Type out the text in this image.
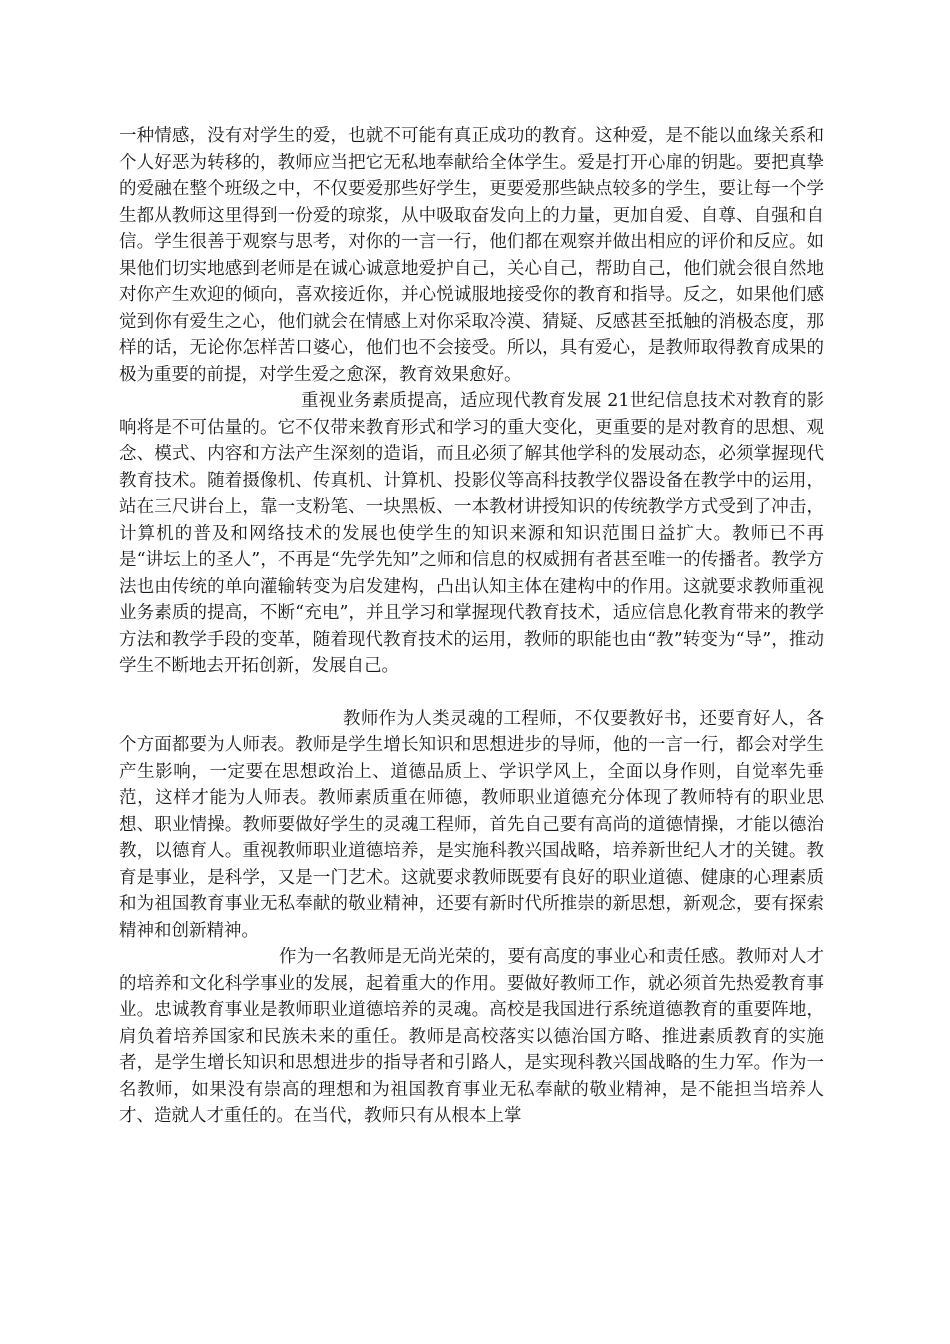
一种情感，没有对学生的爱，也就不可能有真正成功的教育。这种爱，是不能以血缘关系和个人好恶为转移的，教师应当把它无私地奉献给全体学生。爱是打开心扉的钥匙。要把真挚的爱融在整个班级之中，不仅要爱那些好学生，更要爱那些缺点较多的学生，要让每一个学生都从教师这里得到一份爱的琼浆，从中吸取奋发向上的力量，更加自爱、自尊、自强和自信。学生很善于观察与思考，对你的一言一行，他们都在观察并做出相应的评价和反应。如果他们切实地感到老师是在诚心诚意地爱护自己，关心自己，帮助自己，他们就会很自然地对你产生欢迎的倾向，喜欢接近你，并心悦诚服地接受你的教育和指导。反之，如果他们感觉到你有爱生之心，他们就会在情感上对你采取冷漠、猜疑、反感甚至抵触的消极态度，那样的话，无论你怎样苦口婆心，他们也不会接受。所以，具有爱心，是教师取得教育成果的极为重要的前提，对学生爱之愈深，教育效果愈好。

重视业务素质提高，适应现代教育发展 21世纪信息技术对教育的影响将是不可估量的。它不仅带来教育形式和学习的重大变化，更重要的是对教育的思想、观念、模式、内容和方法产生深刻的造诣，而且必须了解其他学科的发展动态，必须掌握现代教育技术。随着摄像机、传真机、计算机、投影仪等高科技教学仪器设备在教学中的运用，站在三尺讲台上，靠一支粉笔、一块黑板、一本教材讲授知识的传统教学方式受到了冲击，计算机的普及和网络技术的发展也使学生的知识来源和知识范围日益扩大。教师已不再是“讲坛上的圣人”，不再是“先学先知”之师和信息的权威拥有者甚至唯一的传播者。教学方法也由传统的单向灌输转变为启发建构，凸出认知主体在建构中的作用。这就要求教师重视业务素质的提高，不断“充电”，并且学习和掌握现代教育技术，适应信息化教育带来的教学方法和教学手段的变革，随着现代教育技术的运用，教师的职能也由“教”转变为“导”，推动学生不断地去开拓创新，发展自己。

教师作为人类灵魂的工程师，不仅要教好书，还要育好人，各个方面都要为人师表。教师是学生增长知识和思想进步的导师，他的一言一行，都会对学生产生影响，一定要在思想政治上、道德品质上、学识学风上，全面以身作则，自觉率先垂范，这样才能为人师表。教师素质重在师德，教师职业道德充分体现了教师特有的职业思想、职业情操。教师要做好学生的灵魂工程师，首先自己要有高尚的道德情操，才能以德治教，以德育人。重视教师职业道德培养，是实施科教兴国战略，培养新世纪人才的关键。教育是事业，是科学，又是一门艺术。这就要求教师既要有良好的职业道德、健康的心理素质和为祖国教育事业无私奉献的敬业精神，还要有新时代所推崇的新思想，新观念，要有探索精神和创新精神。

作为一名教师是无尚光荣的，要有高度的事业心和责任感。教师对人才的培养和文化科学事业的发展，起着重大的作用。要做好教师工作，就必须首先热爱教育事业。忠诚教育事业是教师职业道德培养的灵魂。高校是我国进行系统道德教育的重要阵地，肩负着培养国家和民族未来的重任。教师是高校落实以德治国方略、推进素质教育的实施者，是学生增长知识和思想进步的指导者和引路人，是实现科教兴国战略的生力军。作为一名教师，如果没有崇高的理想和为祖国教育事业无私奉献的敬业精神，是不能担当培养人才、造就人才重任的。在当代，教师只有从根本上掌
